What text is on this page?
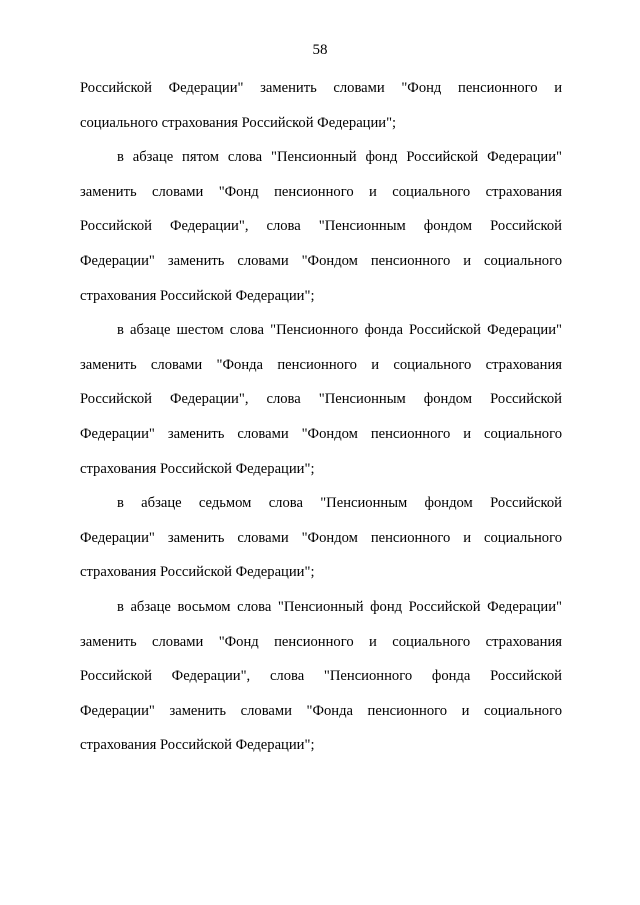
58
Российской Федерации" заменить словами "Фонд пенсионного и
социального страхования Российской Федерации";
в абзаце пятом слова "Пенсионный фонд Российской Федерации"
заменить словами "Фонд пенсионного и социального страхования
Российской Федерации", слова "Пенсионным фондом Российской
Федерации" заменить словами "Фондом пенсионного и социального
страхования Российской Федерации";
в абзаце шестом слова "Пенсионного фонда Российской Федерации"
заменить словами "Фонда пенсионного и социального страхования
Российской Федерации", слова "Пенсионным фондом Российской
Федерации" заменить словами "Фондом пенсионного и социального
страхования Российской Федерации";
в абзаце седьмом слова "Пенсионным фондом Российской
Федерации" заменить словами "Фондом пенсионного и социального
страхования Российской Федерации";
в абзаце восьмом слова "Пенсионный фонд Российской Федерации"
заменить словами "Фонд пенсионного и социального страхования
Российской Федерации", слова "Пенсионного фонда Российской
Федерации" заменить словами "Фонда пенсионного и социального
страхования Российской Федерации";
